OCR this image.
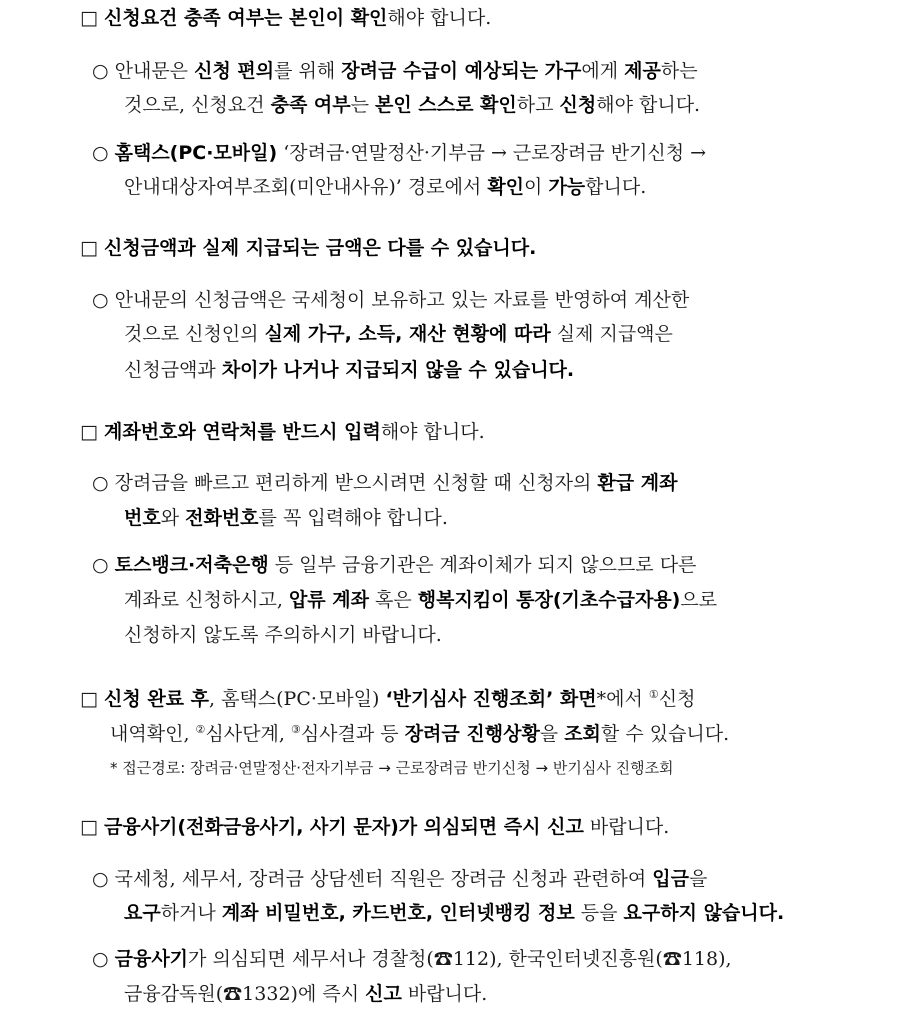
□ 신청요건 충족 여부는 본인이 확인해야 합니다.
○ 안내문은 신청 편의를 위해 장려금 수급이 예상되는 가구에게 제공하는
것으로, 신청요건 충족 여부는 본인 스스로 확인하고 신청해야 합니다.
○ 홈택스(PC·모바일) ‘장려금·연말정산·기부금 → 근로장려금 반기신청 →
안내대상자여부조회(미안내사유)’ 경로에서 확인이 가능합니다.
□ 신청금액과 실제 지급되는 금액은 다를 수 있습니다.
○ 안내문의 신청금액은 국세청이 보유하고 있는 자료를 반영하여 계산한
것으로 신청인의 실제 가구, 소득, 재산 현황에 따라 실제 지급액은
신청금액과 차이가 나거나 지급되지 않을 수 있습니다.
□ 계좌번호와 연락처를 반드시 입력해야 합니다.
○ 장려금을 빠르고 편리하게 받으시려면 신청할 때 신청자의 환급 계좌
번호와 전화번호를 꼭 입력해야 합니다.
○ 토스뱅크·저축은행 등 일부 금융기관은 계좌이체가 되지 않으므로 다른
계좌로 신청하시고, 압류 계좌 혹은 행복지킴이 통장(기초수급자용)으로
신청하지 않도록 주의하시기 바랍니다.
□ 신청 완료 후, 홈택스(PC·모바일) ‘반기심사 진행조회’ 화면*에서 ①신청
내역확인, ②심사단계, ③심사결과 등 장려금 진행상황을 조회할 수 있습니다.
* 접근경로: 장려금·연말정산·전자기부금 → 근로장려금 반기신청 → 반기심사 진행조회
□ 금융사기(전화금융사기, 사기 문자)가 의심되면 즉시 신고 바랍니다.
○ 국세청, 세무서, 장려금 상담센터 직원은 장려금 신청과 관련하여 입금을
요구하거나 계좌 비밀번호, 카드번호, 인터넷뱅킹 정보 등을 요구하지 않습니다.
○ 금융사기가 의심되면 세무서나 경찰청(☎112), 한국인터넷진흥원(☎118),
금융감독원(☎1332)에 즉시 신고 바랍니다.
